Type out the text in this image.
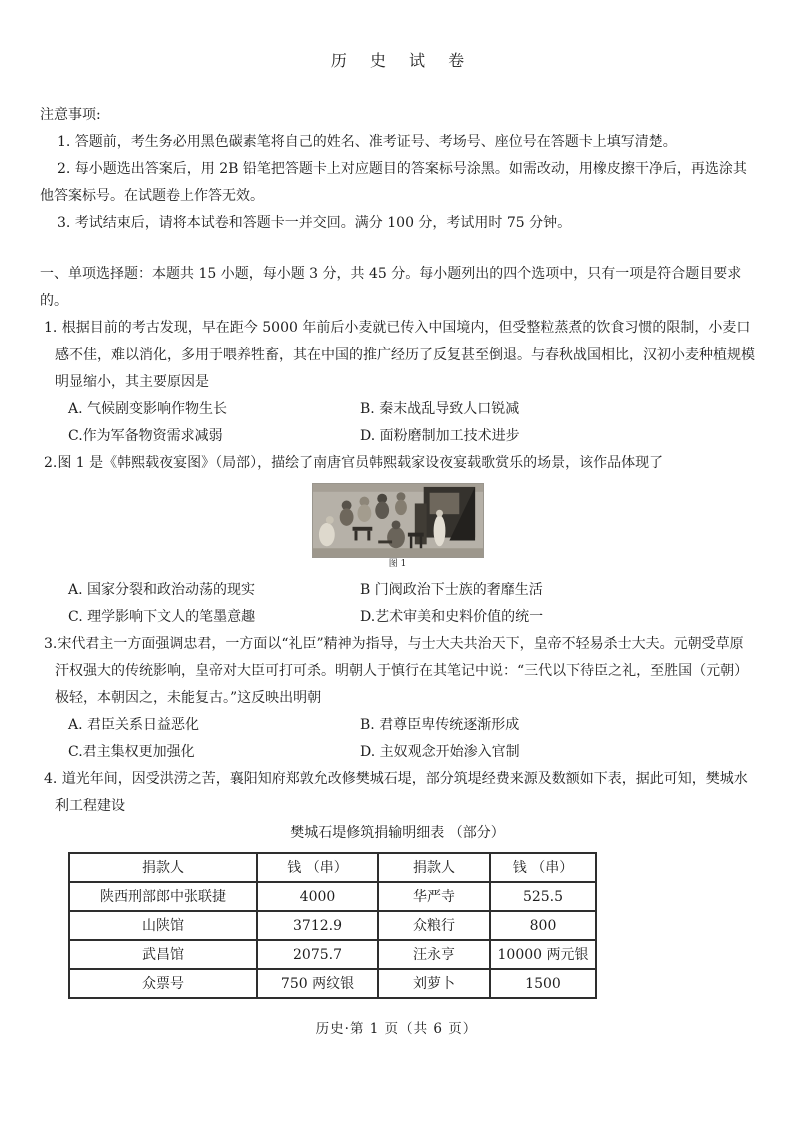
历 史 试 卷
注意事项:

1. 答题前，考生务必用黑色碳素笔将自己的姓名、准考证号、考场号、座位号在答题卡上填写清楚。

2. 每小题选出答案后，用 2B 铅笔把答题卡上对应题目的答案标号涂黑。如需改动，用橡皮擦干净后，再选涂其他答案标号。在试题卷上作答无效。

3. 考试结束后，请将本试卷和答题卡一并交回。满分 100 分，考试用时 75 分钟。

一、单项选择题：本题共 15 小题，每小题 3 分，共 45 分。每小题列出的四个选项中，只有一项是符合题目要求的。

1. 根据目前的考古发现，早在距今 5000 年前后小麦就已传入中国境内，但受整粒蒸煮的饮食习惯的限制，小麦口感不佳，难以消化，多用于喂养牲畜，其在中国的推广经历了反复甚至倒退。与春秋战国相比，汉初小麦种植规模明显缩小，其主要原因是

A. 气候剧变影响作物生长	B. 秦末战乱导致人口锐减
C.作为军备物资需求减弱	D. 面粉磨制加工技术进步

2.图 1 是《韩熙载夜宴图》（局部），描绘了南唐官员韩熙载家设夜宴载歌赏乐的场景，该作品体现了

图 1
A. 国家分裂和政治动荡的现实	B 门阀政治下士族的奢靡生活
C. 理学影响下文人的笔墨意趣	D.艺术审美和史料价值的统一

3.宋代君主一方面强调忠君，一方面以“礼臣”精神为指导，与士大夫共治天下，皇帝不轻易杀士大夫。元朝受草原汗权强大的传统影响，皇帝对大臣可打可杀。明朝人于慎行在其笔记中说：“三代以下待臣之礼，至胜国（元朝） 极轻，本朝因之，未能复古。”这反映出明朝

A. 君臣关系日益恶化	B. 君尊臣卑传统逐渐形成
C.君主集权更加强化	D. 主奴观念开始渗入官制

4. 道光年间，因受洪涝之苦，襄阳知府郑敦允改修樊城石堤，部分筑堤经费来源及数额如下表，据此可知，樊城水利工程建设

樊城石堤修筑捐输明细表 （部分）

捐款人	钱 （串）	捐款人	钱 （串）
陕西刑部郎中张联捷	4000	华严寺	525.5
山陕馆	3712.9	众粮行	800
武昌馆	2075.7	汪永亨	10000 两元银
众票号	750 两纹银	刘萝卜	1500
历史·第 1 页（共 6 页）
